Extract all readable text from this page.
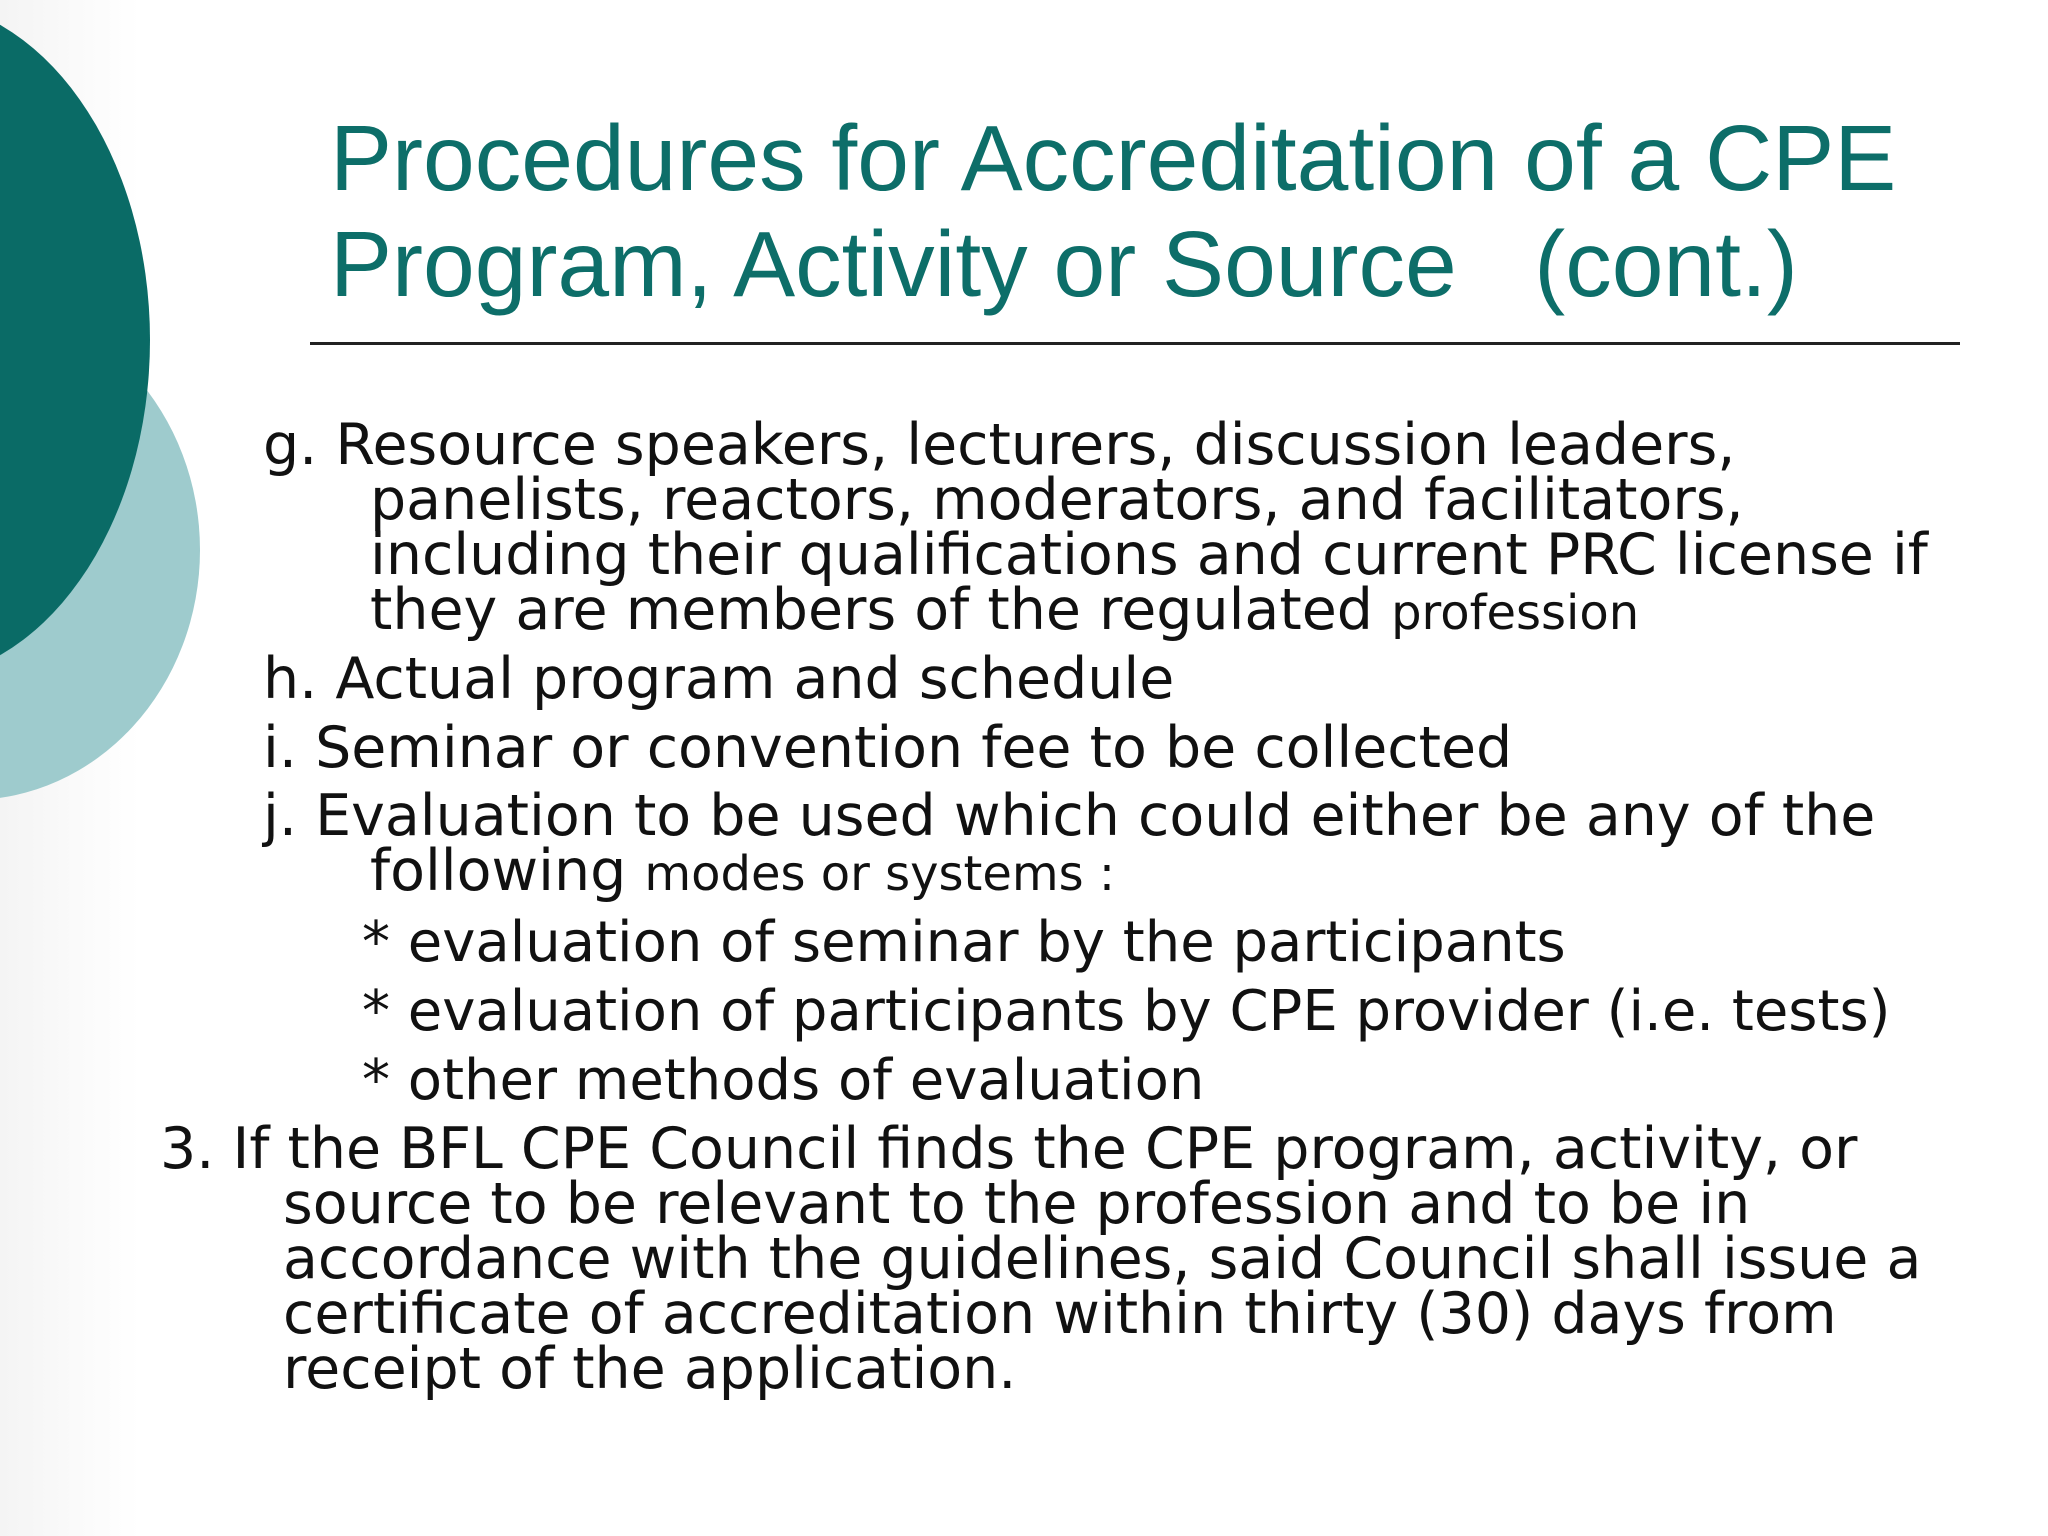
Procedures for Accreditation of a CPE
Program, Activity or Source   (cont.)
g. Resource speakers, lecturers, discussion leaders,
panelists, reactors, moderators, and facilitators,
including their qualifications and current PRC license if
they are members of the regulated profession
h. Actual program and schedule
i. Seminar or convention fee to be collected
j. Evaluation to be used which could either be any of the
following modes or systems :
* evaluation of seminar by the participants
* evaluation of participants by CPE provider (i.e. tests)
* other methods of evaluation
3. If the BFL CPE Council finds the CPE program, activity, or
source to be relevant to the profession and to be in
accordance with the guidelines, said Council shall issue a
certificate of accreditation within thirty (30) days from
receipt of the application.
